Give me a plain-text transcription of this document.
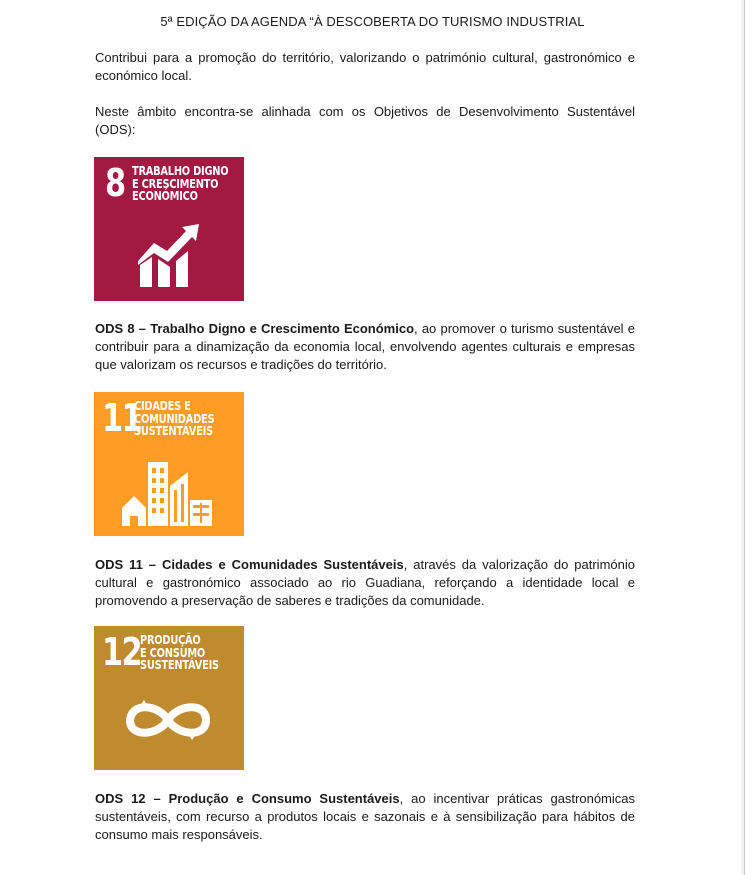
5ª EDIÇÃO DA AGENDA “À DESCOBERTA DO TURISMO INDUSTRIAL
Contribui para a promoção do território, valorizando o património cultural, gastronómico e económico local.
Neste âmbito encontra-se alinhada com os Objetivos de Desenvolvimento Sustentável (ODS):
8 TRABALHO DIGNO
E CRESCIMENTO
ECONÓMICO
ODS 8 – Trabalho Digno e Crescimento Económico, ao promover o turismo sustentável e contribuir para a dinamização da economia local, envolvendo agentes culturais e empresas que valorizam os recursos e tradições do território.
11
CIDADES E
COMUNIDADES
SUSTENTÁVEIS
ODS 11 – Cidades e Comunidades Sustentáveis, através da valorização do património cultural e gastronómico associado ao rio Guadiana, reforçando a identidade local e promovendo a preservação de saberes e tradições da comunidade.
12
PRODUÇÃO
E CONSUMO
SUSTENTÁVEIS
ODS 12 – Produção e Consumo Sustentáveis, ao incentivar práticas gastronómicas sustentáveis, com recurso a produtos locais e sazonais e à sensibilização para hábitos de consumo mais responsáveis.
